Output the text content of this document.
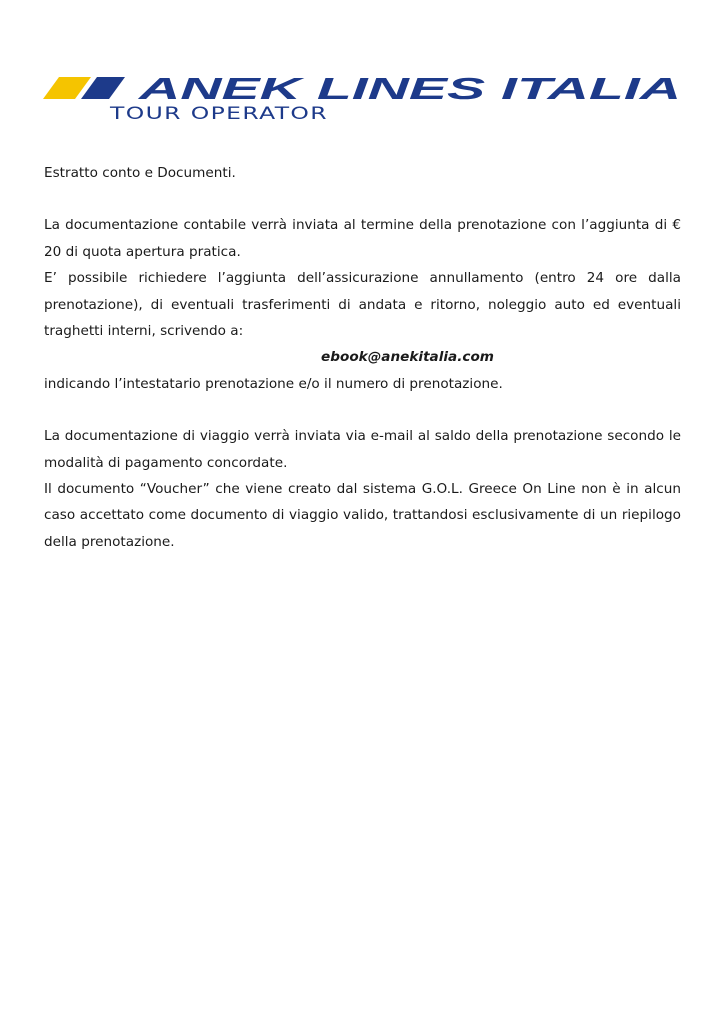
ANEK LINES ITALIA
TOUR OPERATOR

Estratto conto e Documenti.

La documentazione contabile verrà inviata al termine della prenotazione con l’aggiunta di € 20 di quota apertura pratica.

E’ possibile richiedere l’aggiunta dell’assicurazione annullamento (entro 24 ore dalla prenotazione), di eventuali trasferimenti di andata e ritorno, noleggio auto ed eventuali traghetti interni, scrivendo a:

ebook@anekitalia.com

indicando l’intestatario prenotazione e/o il numero di prenotazione.

La documentazione di viaggio verrà inviata via e-mail al saldo della prenotazione secondo le modalità di pagamento concordate.

Il documento “Voucher” che viene creato dal sistema G.O.L. Greece On Line non è in alcun caso accettato come documento di viaggio valido, trattandosi esclusivamente di un riepilogo della prenotazione.
